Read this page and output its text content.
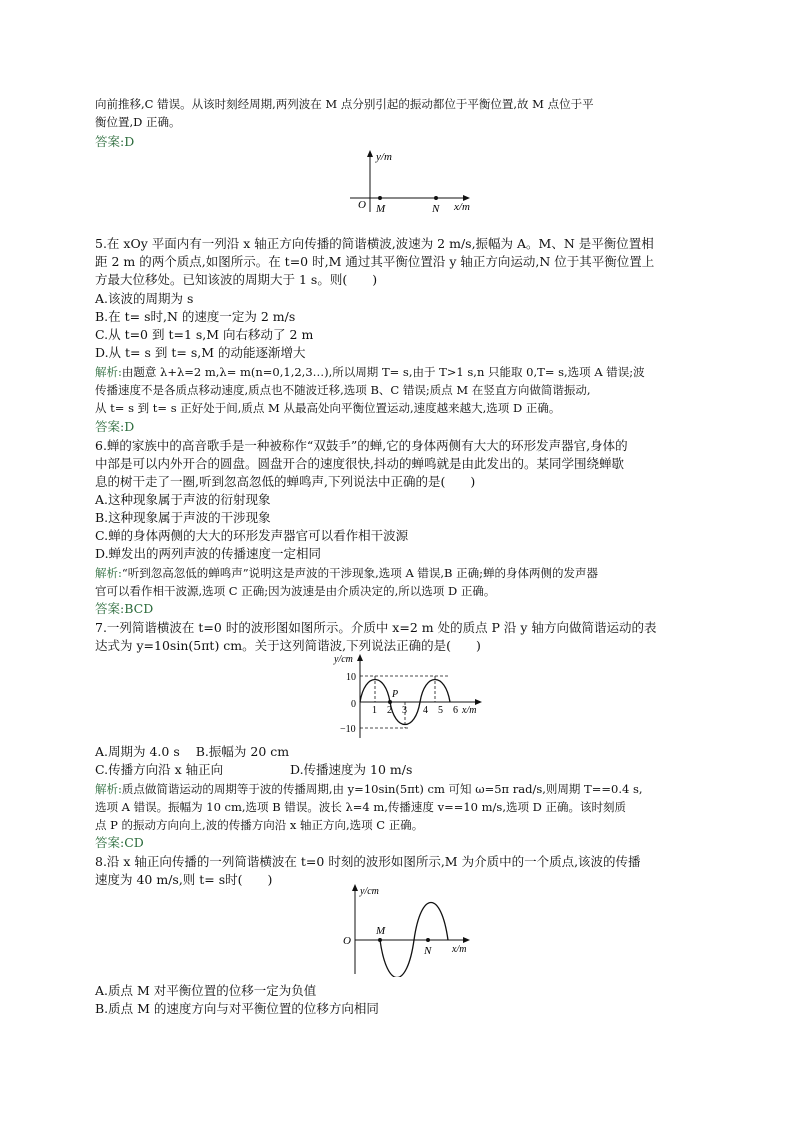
向前推移,C 错误。从该时刻经周期,两列波在 M 点分别引起的振动都位于平衡位置,故 M 点位于平
衡位置,D 正确。
答案:D
y/m
O M	N x/m
5.在 xOy 平面内有一列沿 x 轴正方向传播的简谐横波,波速为 2 m/s,振幅为 A。M、N 是平衡位置相
距 2 m 的两个质点,如图所示。在 t=0 时,M 通过其平衡位置沿 y 轴正方向运动,N 位于其平衡位置上
方最大位移处。已知该波的周期大于 1 s。则(　　)
A.该波的周期为 s
B.在 t= s时,N 的速度一定为 2 m/s
C.从 t=0 到 t=1 s,M 向右移动了 2 m
D.从 t= s 到 t= s,M 的动能逐渐增大
解析:由题意 λ+λ=2 m,λ= m(n=0,1,2,3…),所以周期 T= s,由于 T>1 s,n 只能取 0,T= s,选项 A 错误;波
传播速度不是各质点移动速度,质点也不随波迁移,选项 B、C 错误;质点 M 在竖直方向做简谐振动,
从 t= s 到 t= s 正好处于间,质点 M 从最高处向平衡位置运动,速度越来越大,选项 D 正确。
答案:D
6.蝉的家族中的高音歌手是一种被称作“双鼓手”的蝉,它的身体两侧有大大的环形发声器官,身体的
中部是可以内外开合的圆盘。圆盘开合的速度很快,抖动的蝉鸣就是由此发出的。某同学围绕蝉歇
息的树干走了一圈,听到忽高忽低的蝉鸣声,下列说法中正确的是(　　)
A.这种现象属于声波的衍射现象
B.这种现象属于声波的干涉现象
C.蝉的身体两侧的大大的环形发声器官可以看作相干波源
D.蝉发出的两列声波的传播速度一定相同
解析:“听到忽高忽低的蝉鸣声”说明这是声波的干涉现象,选项 A 错误,B 正确;蝉的身体两侧的发声器
官可以看作相干波源,选项 C 正确;因为波速是由介质决定的,所以选项 D 正确。
答案:BCD
7.一列简谐横波在 t=0 时的波形图如图所示。介质中 x=2 m 处的质点 P 沿 y 轴方向做简谐运动的表
达式为 y=10sin(5πt) cm。关于这列简谐波,下列说法正确的是(　　)
y/cm
10
0
−10
P
1 2 3 4 5 6 x/m
A.周期为 4.0 s B.振幅为 20 cm
C.传播方向沿 x 轴正向	D.传播速度为 10 m/s
解析:质点做简谐运动的周期等于波的传播周期,由 y=10sin(5πt) cm 可知 ω=5π rad/s,则周期 T==0.4 s,
选项 A 错误。振幅为 10 cm,选项 B 错误。波长 λ=4 m,传播速度 v==10 m/s,选项 D 正确。该时刻质
点 P 的振动方向向上,波的传播方向沿 x 轴正方向,选项 C 正确。
答案:CD
8.沿 x 轴正向传播的一列简谐横波在 t=0 时刻的波形如图所示,M 为介质中的一个质点,该波的传播
速度为 40 m/s,则 t= s时(　　)
y/cm
O
M
N x/m
A.质点 M 对平衡位置的位移一定为负值
B.质点 M 的速度方向与对平衡位置的位移方向相同
